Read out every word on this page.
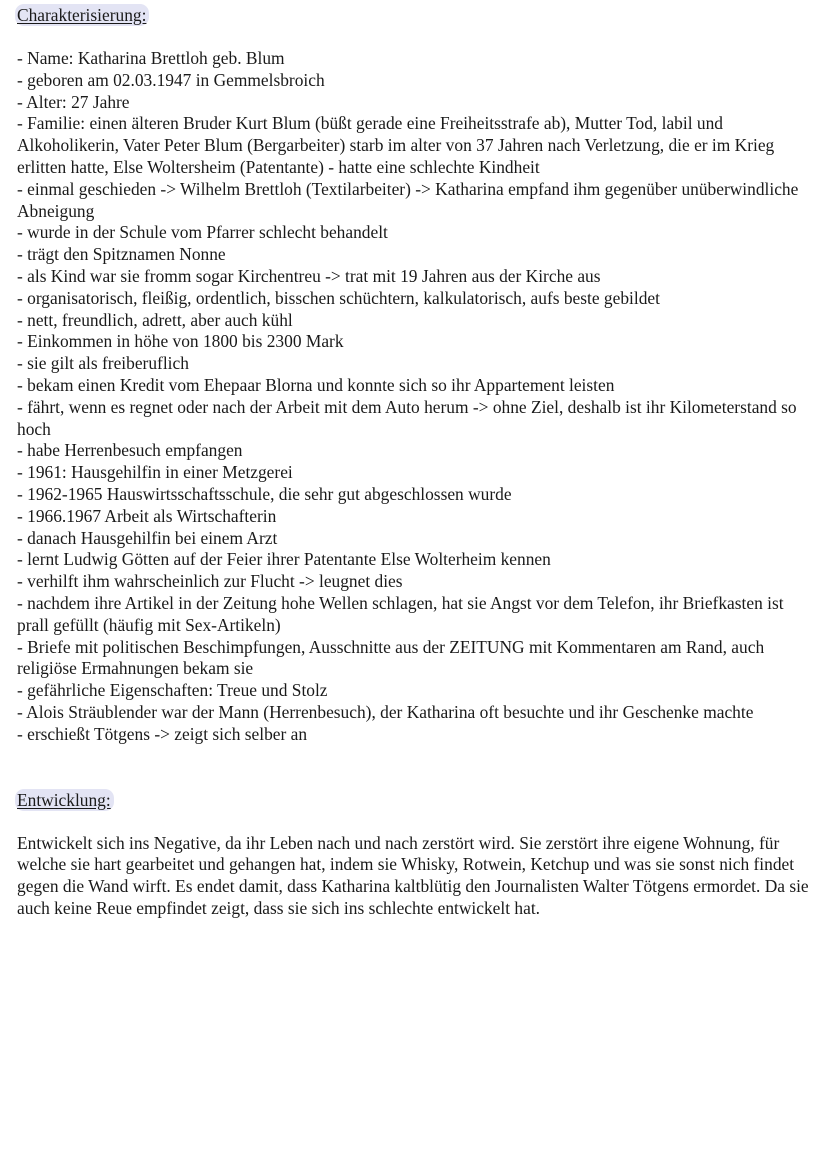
Charakterisierung:
- Name: Katharina Brettloh geb. Blum
- geboren am 02.03.1947 in Gemmelsbroich
- Alter: 27 Jahre
- Familie: einen älteren Bruder Kurt Blum (büßt gerade eine Freiheitsstrafe ab), Mutter Tod, labil und Alkoholikerin, Vater Peter Blum (Bergarbeiter) starb im alter von 37 Jahren nach Verletzung, die er im Krieg erlitten hatte, Else Woltersheim (Patentante) - hatte eine schlechte Kindheit
- einmal geschieden -> Wilhelm Brettloh (Textilarbeiter) -> Katharina empfand ihm gegenüber unüberwindliche Abneigung
- wurde in der Schule vom Pfarrer schlecht behandelt
- trägt den Spitznamen Nonne
- als Kind war sie fromm sogar Kirchentreu -> trat mit 19 Jahren aus der Kirche aus
- organisatorisch, fleißig, ordentlich, bisschen schüchtern, kalkulatorisch, aufs beste gebildet
- nett, freundlich, adrett, aber auch kühl
- Einkommen in höhe von 1800 bis 2300 Mark
- sie gilt als freiberuflich
- bekam einen Kredit vom Ehepaar Blorna und konnte sich so ihr Appartement leisten
- fährt, wenn es regnet oder nach der Arbeit mit dem Auto herum -> ohne Ziel, deshalb ist ihr Kilometerstand so hoch
- habe Herrenbesuch empfangen
- 1961: Hausgehilfin in einer Metzgerei
- 1962-1965 Hauswirtsschaftsschule, die sehr gut abgeschlossen wurde
- 1966.1967 Arbeit als Wirtschafterin
- danach Hausgehilfin bei einem Arzt
- lernt Ludwig Götten auf der Feier ihrer Patentante Else Wolterheim kennen
- verhilft ihm wahrscheinlich zur Flucht -> leugnet dies
- nachdem ihre Artikel in der Zeitung hohe Wellen schlagen, hat sie Angst vor dem Telefon, ihr Briefkasten ist prall gefüllt (häufig mit Sex-Artikeln)
- Briefe mit politischen Beschimpfungen, Ausschnitte aus der ZEITUNG mit Kommentaren am Rand, auch religiöse Ermahnungen bekam sie
- gefährliche Eigenschaften: Treue und Stolz
- Alois Sträublender war der Mann (Herrenbesuch), der Katharina oft besuchte und ihr Geschenke machte
- erschießt Tötgens -> zeigt sich selber an
Entwicklung:

Entwickelt sich ins Negative, da ihr Leben nach und nach zerstört wird. Sie zerstört ihre eigene Wohnung, für welche sie hart gearbeitet und gehangen hat, indem sie Whisky, Rotwein, Ketchup und was sie sonst nich findet gegen die Wand wirft. Es endet damit, dass Katharina kaltblütig den Journalisten Walter Tötgens ermordet. Da sie auch keine Reue empfindet zeigt, dass sie sich ins schlechte entwickelt hat.
